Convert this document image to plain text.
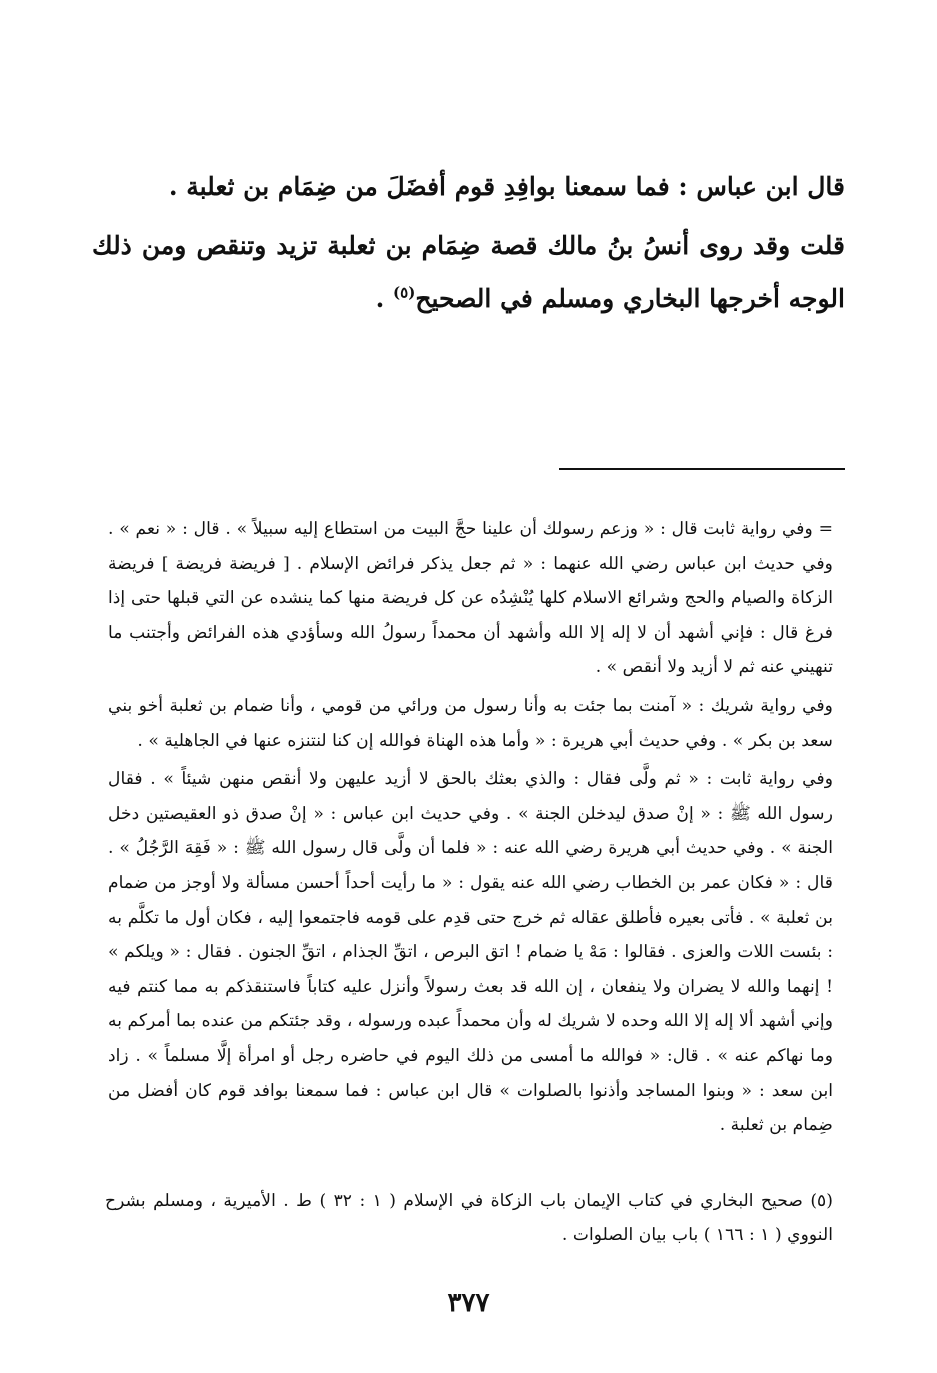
قال ابن عباس : فما سمعنا بوافِدِ قوم أفضَلَ من ضِمَام بن ثعلبة .

قلت وقد روى أنسُ بنُ مالك قصة ضِمَام بن ثعلبة تزيد وتنقص ومن ذلك الوجه أخرجها البخاري ومسلم في الصحيح$^{(٥)}$ .

= وفي رواية ثابت قال : « وزعم رسولك أن علينا حجَّ البيت من استطاع إليه سبيلاً » . قال : « نعم » . وفي حديث ابن عباس رضي الله عنهما : « ثم جعل يذكر فرائض الإسلام . [ فريضة فريضة ] فريضة الزكاة والصيام والحج وشرائع الاسلام كلها يُنْشِدُه عن كل فريضة منها كما ينشده عن التي قبلها حتى إذا فرغ قال : فإني أشهد أن لا إله إلا الله وأشهد أن محمداً رسولُ الله وسأؤدي هذه الفرائض وأجتنب ما تنهيني عنه ثم لا أزيد ولا أنقص » .

وفي رواية شريك : « آمنت بما جئت به وأنا رسول من ورائي من قومي ، وأنا ضمام بن ثعلبة أخو بني سعد بن بكر » . وفي حديث أبي هريرة : « وأما هذه الهناة فوالله إن كنا لنتنزه عنها في الجاهلية » .

وفي رواية ثابت : « ثم ولَّى فقال : والذي بعثك بالحق لا أزيد عليهن ولا أنقص منهن شيئاً » . فقال رسول الله ﷺ : « إنْ صدق ليدخلن الجنة » . وفي حديث ابن عباس : « إنْ صدق ذو العقيصتين دخل الجنة » . وفي حديث أبي هريرة رضي الله عنه : « فلما أن ولَّى قال رسول الله ﷺ : « فَقِهَ الرَّجُلُ » . قال : « فكان عمر بن الخطاب رضي الله عنه يقول : « ما رأيت أحداً أحسن مسألة ولا أوجز من ضمام بن ثعلبة » . فأتى بعيره فأطلق عقاله ثم خرج حتى قدِم على قومه فاجتمعوا إليه ، فكان أول ما تكلَّم به : بئست اللات والعزى . فقالوا : مَهْ يا ضمام ! اتق البرص ، اتقِّ الجذام ، اتقِّ الجنون . فقال : « ويلكم » ! إنهما والله لا يضران ولا ينفعان ، إن الله قد بعث رسولاً وأنزل عليه كتاباً فاستنقذكم به مما كنتم فيه وإني أشهد ألا إله إلا الله وحده لا شريك له وأن محمداً عبده ورسوله ، وقد جئتكم من عنده بما أمركم به وما نهاكم عنه » . قال: « فوالله ما أمسى من ذلك اليوم في حاضره رجل أو امرأة إلَّا مسلماً » . زاد ابن سعد : « وبنوا المساجد وأذنوا بالصلوات » قال ابن عباس : فما سمعنا بوافد قوم كان أفضل من ضِمام بن ثعلبة .

(٥) صحيح البخاري في كتاب الإيمان باب الزكاة في الإسلام ( ١ : ٣٢ ) ط . الأميرية ، ومسلم بشرح النووي ( ١ : ١٦٦ ) باب بيان الصلوات .

٣٧٧
